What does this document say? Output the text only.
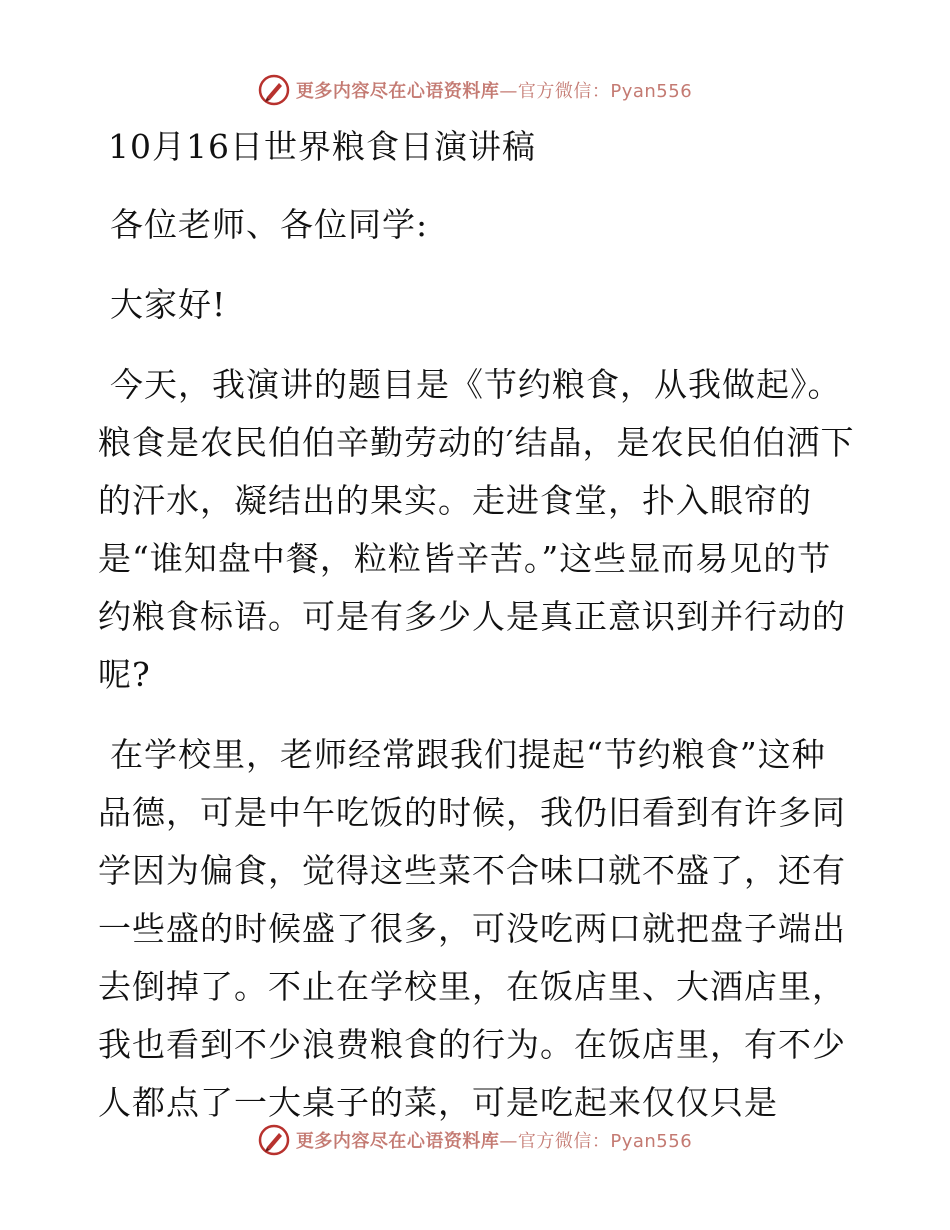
更多内容尽在心语资料库—官方微信：Pyan556

10月16日世界粮食日演讲稿

各位老师、各位同学:

大家好!

今天，我演讲的题目是《节约粮食，从我做起》。粮食是农民伯伯辛勤劳动的′结晶，是农民伯伯洒下的汗水，凝结出的果实。走进食堂，扑入眼帘的是“谁知盘中餐，粒粒皆辛苦。”这些显而易见的节约粮食标语。可是有多少人是真正意识到并行动的呢?

在学校里，老师经常跟我们提起“节约粮食”这种品德，可是中午吃饭的时候，我仍旧看到有许多同学因为偏食，觉得这些菜不合味口就不盛了，还有一些盛的时候盛了很多，可没吃两口就把盘子端出去倒掉了。不止在学校里，在饭店里、大酒店里，我也看到不少浪费粮食的行为。在饭店里，有不少人都点了一大桌子的菜，可是吃起来仅仅只是

更多内容尽在心语资料库—官方微信：Pyan556
